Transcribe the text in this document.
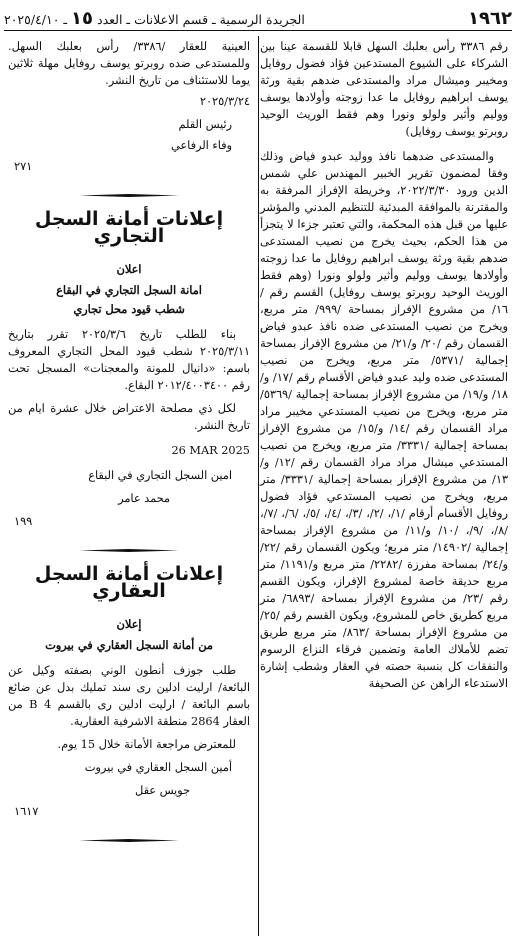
١٩٦٢
الجريدة الرسمية ـ قسم الاعلانات ـ العدد ١٥ ـ ٢٠٢٥/٤/١٠

رقم ٣٣٨٦ رأس بعلبك السهل قابلا للقسمة عينا بين الشركاء على الشيوع المستدعين فؤاد فضول روفايل ومخيبر وميشال مراد والمستدعى ضدهم بقية ورثة يوسف ابراهيم روفايل ما عدا زوجته وأولادها يوسف ووليم وأثير ولولو ونورا وهم فقط الوريث الوحيد روبرتو يوسف روفايل)

والمستدعى ضدهما نافذ ووليد عبدو فياض وذلك وفقا لمضمون تقرير الخبير المهندس علي شمس الدين ورود ٢٠٢٢/٣/٣٠، وخريطة الإفراز المرفقة به والمقترنة بالموافقة المبدئية للتنظيم المدني والمؤشر عليها من قبل هذه المحكمة، والتي تعتبر جزءا لا يتجزأ من هذا الحكم، بحيث يخرج من نصيب المستدعى ضدهم بقية ورثة يوسف ابراهيم روفايل ما عدا زوجته وأولادها يوسف ووليم وأثير ولولو ونورا (وهم فقط الوريث الوحيد روبرتو يوسف روفايل) القسم رقم /١٦/ من مشروع الإفراز بمساحة /٩٩٩/ متر مربع، ويخرج من نصيب المستدعى ضده نافذ عبدو فياض القسمان رقم /٢٠/ و/٢١/ من مشروع الإفراز بمساحة إجمالية /٥٣٧١/ متر مربع، ويخرج من نصيب المستدعى ضده وليد عبدو فياض الأقسام رقم /١٧/ و/١٨/ و/١٩/ من مشروع الإفراز بمساحة إجمالية /٥٣٦٩/ متر مربع، ويخرج من نصيب المستدعي مخيبر مراد مراد القسمان رقم /١٤/ و/١٥/ من مشروع الإفراز بمساحة إجمالية /٣٣٣١/ متر مربع، ويخرج من نصيب المستدعي ميشال مراد مراد القسمان رقم /١٢/ و/١٣/ من مشروع الإفراز بمساحة إجمالية /٣٣٣١/ متر مربع، ويخرج من نصيب المستدعي فؤاد فضول روفايل الأقسام أرقام /١/، /٢/، /٣/، /٤/، /٥/، /٦/، /٧/، /٨/، /٩/، /١٠/ و/١١/ من مشروع الإفراز بمساحة إجمالية /١٤٩٠٢/ متر مربع؛ ويكون القسمان رقم /٢٢/ و/٢٤/ بمساحة مفرزة /٢٢٨٢/ متر مربع و/١١٩١/ متر مربع حديقة خاصة لمشروع الإفراز، ويكون القسم رقم /٢٣/ من مشروع الإفراز بمساحة /٦٨٩٣/ متر مربع كطريق خاص للمشروع، ويكون القسم رقم /٢٥/ من مشروع الإفراز بمساحة /٨٦٣/ متر مربع طريق تضم للأملاك العامة وتضمين فرقاء النزاع الرسوم والنفقات كل بنسبة حصته في العقار وشطب إشارة الاستدعاء الراهن عن الصحيفة

العينية للعقار /٣٣٨٦/ رأس بعلبك السهل. وللمستدعى ضده روبرتو يوسف روفايل مهلة ثلاثين يوما للاستئناف من تاريخ النشر.

٢٠٢٥/٣/٢٤

رئيس القلم

وفاء الرفاعي

٢٧١

إعلانات أمانة السجل التجاري

اعلان

امانة السجل التجاري في البقاع

شطب قيود محل تجاري

بناء للطلب تاريخ ٢٠٢٥/٣/٦ تقرر بتاريخ ٢٠٢٥/٣/١١ شطب قيود المحل التجاري المعروف باسم: «دانيال للمونة والمعجنات» المسجل تحت رقم ٢٠١٢/٤٠٠٣٤٠٠ البقاع.

لكل ذي مصلحة الاعتراض خلال عشرة ايام من تاريخ النشر.

26 MAR 2025

امين السجل التجاري في البقاع

محمد عامر

١٩٩

إعلانات أمانة السجل العقاري

إعلان

من أمانة السجل العقاري في بيروت

طلب جوزف أنطون الوني بصفته وكيل عن البائعة/ ارليت ادلين رى سند تمليك بدل عن ضائع باسم البائعة / ارليت ادلين رى بالقسم B 4 من العقار 2864 منطقة الاشرفية العقارية.

للمعترض مراجعة الأمانة خلال 15 يوم.

أمين السجل العقاري في بيروت

جويس عقل

١٦١٧
